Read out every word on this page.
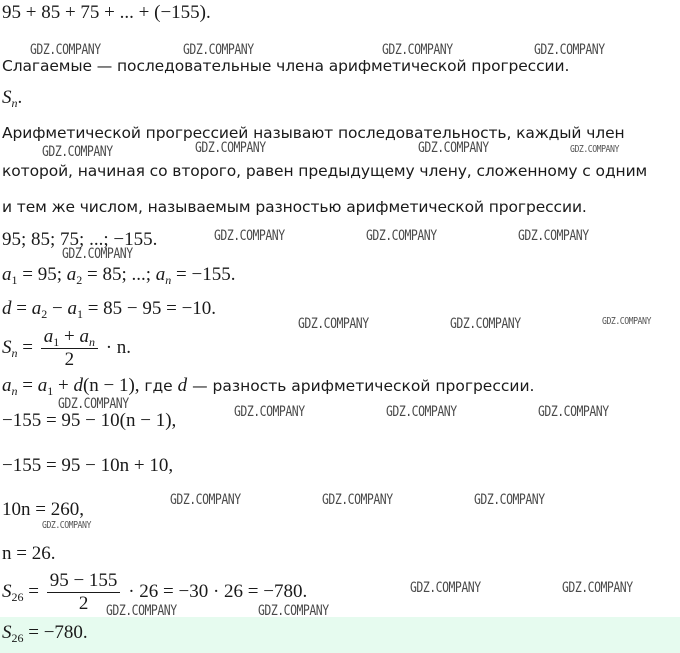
95 + 85 + 75 + ... + (−155).
Слагаемые — последовательные члена арифметической прогрессии.
$S_n$.
Арифметической прогрессией называют последовательность, каждый член
которой, начиная со второго, равен предыдущему члену, сложенному с одним
и тем же числом, называемым разностью арифметической прогрессии.
95; 85; 75; ...; −155.
$a_1 = 95$; $a_2 = 85$; ...; $a_n = -155$.
$d = a_2 - a_1 = 85 - 95 = -10$.
$S_n = \frac{a_1 + a_n}{2} \cdot n$.
$a_n = a_1 + d(n - 1)$, где d — разность арифметической прогрессии.
−155 = 95 − 10(n − 1),
−155 = 95 − 10n + 10,
10n = 260,
n = 26.
$S_{26} = \frac{95 - 155}{2} \cdot 26 = -30 \cdot 26 = -780$.
$S_{26} = -780$.
GDZ.COMPANY	GDZ.COMPANY	GDZ.COMPANY	GDZ.COMPANY
GDZ.COMPANY	GDZ.COMPANY	GDZ.COMPANY	GDZ.COMPANY
GDZ.COMPANY	GDZ.COMPANY	GDZ.COMPANY
GDZ.COMPANY
GDZ.COMPANY	GDZ.COMPANY	GDZ.COMPANY
GDZ.COMPANY	GDZ.COMPANY	GDZ.COMPANY	GDZ.COMPANY
GDZ.COMPANY	GDZ.COMPANY	GDZ.COMPANY
GDZ.COMPANY
GDZ.COMPANY	GDZ.COMPANY
GDZ.COMPANY	GDZ.COMPANY
